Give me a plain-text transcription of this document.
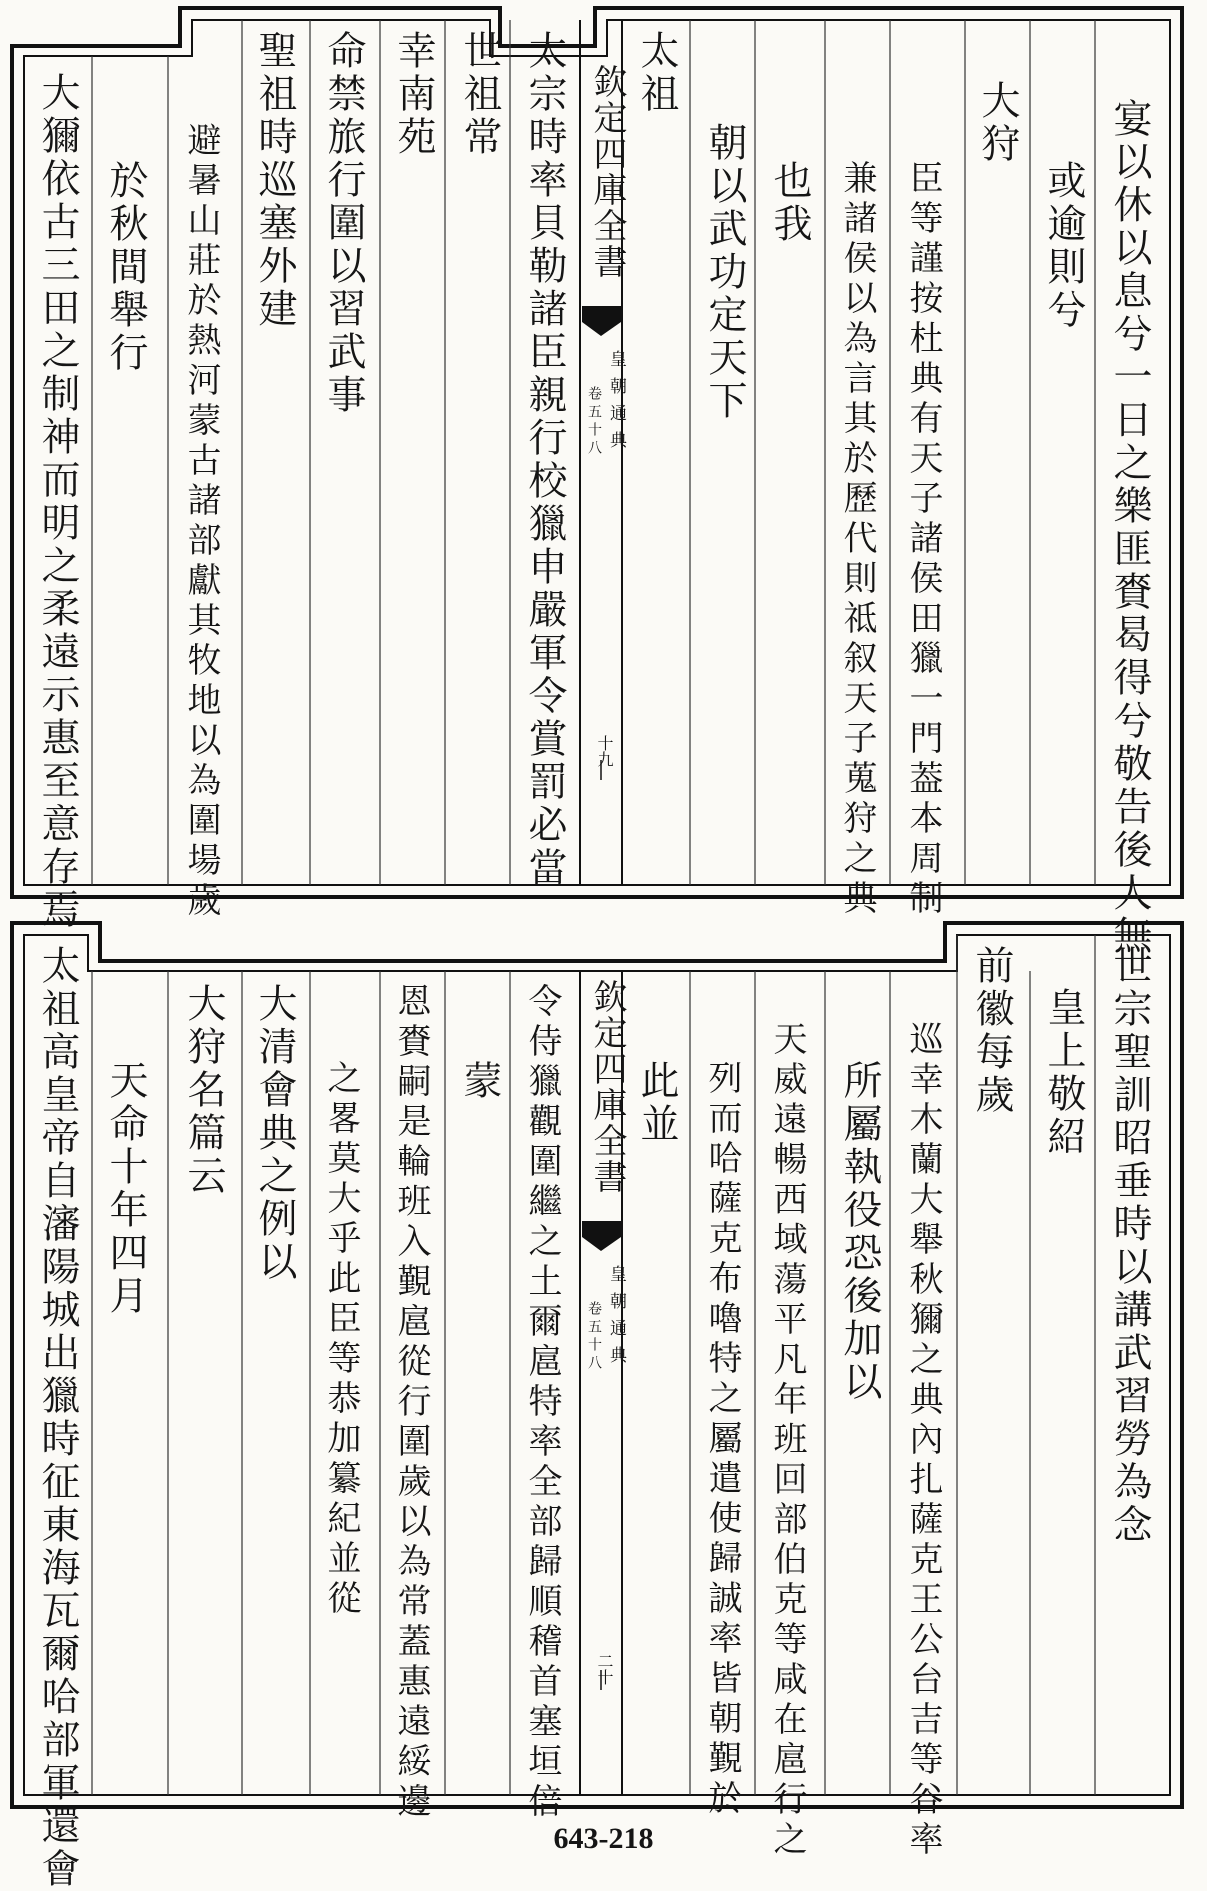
欽定四庫全書
皇朝通典
卷五十八
十九	宴以休以息兮一日之樂匪賚曷得兮敬告後人無
或逾則兮
大狩
臣等謹按杜典有天子諸侯田獵一門葢本周制
兼諸侯以為言其於歷代則祗叙天子蒐狩之典
也我
朝以武功定天下
太祖
太宗時率貝勒諸臣親行校獵申嚴軍令賞罰必當
世祖常
幸南苑
命禁旅行圍以習武事
聖祖時巡塞外建
避暑山莊於熱河蒙古諸部獻其牧地以為圍場歲
於秋間舉行
大獮依古三田之制神而明之柔遠示惠至意存焉
欽定四庫全書
皇朝通典
卷五十八
二十
世宗聖訓昭垂時以講武習勞為念
皇上敬紹
前徽每歲
巡幸木蘭大舉秋獮之典內扎薩克王公台吉等谷率
所屬執役恐後加以
天威遠暢西域蕩平凡年班回部伯克等咸在扈行之
列而哈薩克布嚕特之屬遣使歸誠率皆朝覲於
此並
令侍獵觀圍繼之土爾扈特率全部歸順稽首塞垣倍
蒙
恩賚嗣是輪班入覲扈從行圍歲以為常蓋惠遠綏邊
之畧莫大乎此臣等恭加纂紀並從
大清會典之例以
大狩名篇云
天命十年四月
太祖高皇帝自瀋陽城出獵時征東海瓦爾哈部軍還會	643-218
